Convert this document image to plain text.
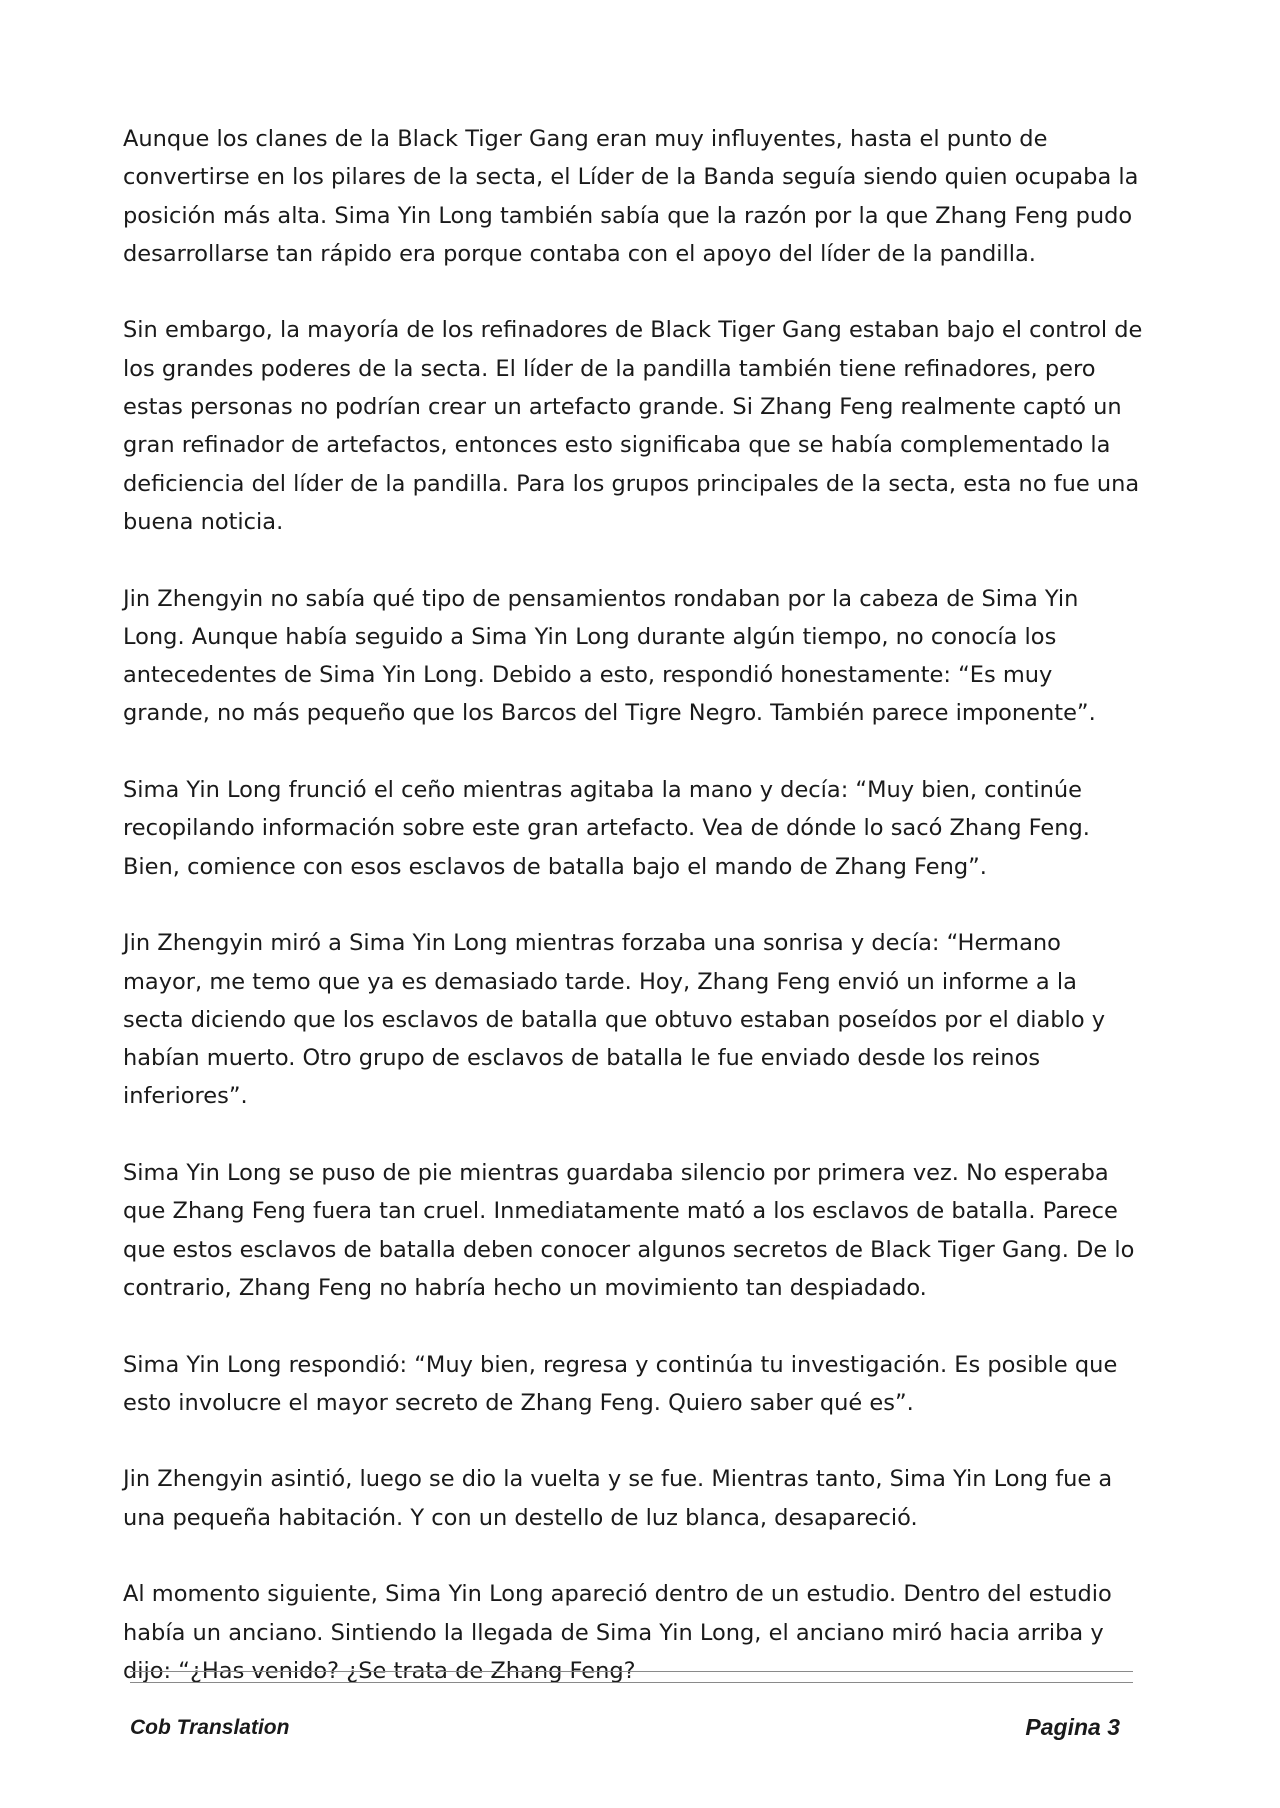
Aunque los clanes de la Black Tiger Gang eran muy influyentes, hasta el punto de convertirse en los pilares de la secta, el Líder de la Banda seguía siendo quien ocupaba la posición más alta. Sima Yin Long también sabía que la razón por la que Zhang Feng pudo desarrollarse tan rápido era porque contaba con el apoyo del líder de la pandilla.

Sin embargo, la mayoría de los refinadores de Black Tiger Gang estaban bajo el control de los grandes poderes de la secta. El líder de la pandilla también tiene refinadores, pero estas personas no podrían crear un artefacto grande. Si Zhang Feng realmente captó un gran refinador de artefactos, entonces esto significaba que se había complementado la deficiencia del líder de la pandilla. Para los grupos principales de la secta, esta no fue una buena noticia.

Jin Zhengyin no sabía qué tipo de pensamientos rondaban por la cabeza de Sima Yin Long. Aunque había seguido a Sima Yin Long durante algún tiempo, no conocía los antecedentes de Sima Yin Long. Debido a esto, respondió honestamente: “Es muy grande, no más pequeño que los Barcos del Tigre Negro. También parece imponente”.

Sima Yin Long frunció el ceño mientras agitaba la mano y decía: “Muy bien, continúe recopilando información sobre este gran artefacto. Vea de dónde lo sacó Zhang Feng. Bien, comience con esos esclavos de batalla bajo el mando de Zhang Feng”.

Jin Zhengyin miró a Sima Yin Long mientras forzaba una sonrisa y decía: “Hermano mayor, me temo que ya es demasiado tarde. Hoy, Zhang Feng envió un informe a la secta diciendo que los esclavos de batalla que obtuvo estaban poseídos por el diablo y habían muerto. Otro grupo de esclavos de batalla le fue enviado desde los reinos inferiores”.

Sima Yin Long se puso de pie mientras guardaba silencio por primera vez. No esperaba que Zhang Feng fuera tan cruel. Inmediatamente mató a los esclavos de batalla. Parece que estos esclavos de batalla deben conocer algunos secretos de Black Tiger Gang. De lo contrario, Zhang Feng no habría hecho un movimiento tan despiadado.

Sima Yin Long respondió: “Muy bien, regresa y continúa tu investigación. Es posible que esto involucre el mayor secreto de Zhang Feng. Quiero saber qué es”.

Jin Zhengyin asintió, luego se dio la vuelta y se fue. Mientras tanto, Sima Yin Long fue a una pequeña habitación. Y con un destello de luz blanca, desapareció.

Al momento siguiente, Sima Yin Long apareció dentro de un estudio. Dentro del estudio había un anciano. Sintiendo la llegada de Sima Yin Long, el anciano miró hacia arriba y dijo: “¿Has venido? ¿Se trata de Zhang Feng?

Cob Translation	Pagina 3
